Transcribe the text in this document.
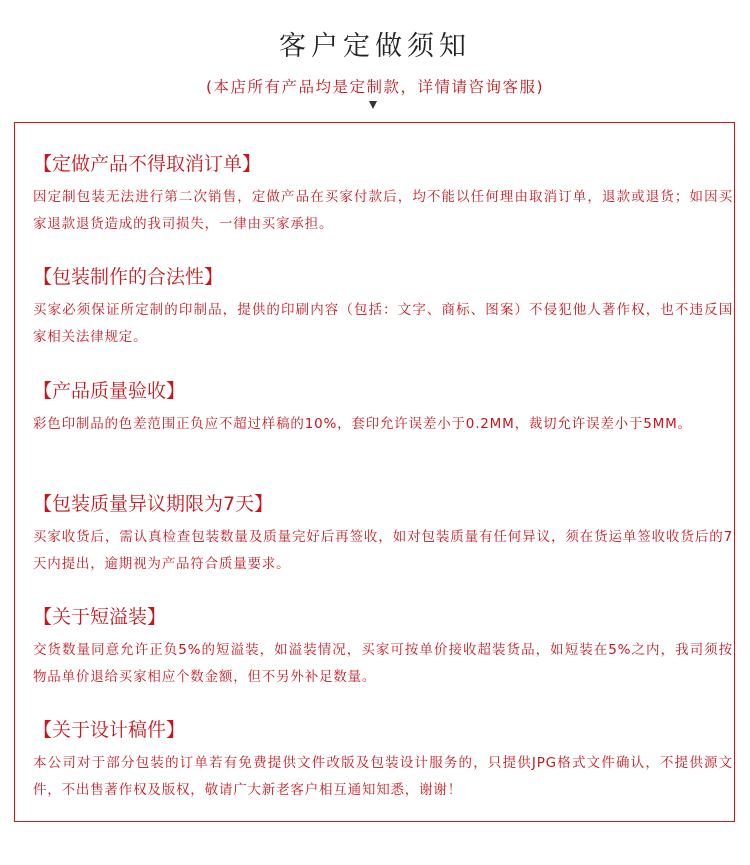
客户定做须知
(本店所有产品均是定制款，详情请咨询客服)
【定做产品不得取消订单】

因定制包装无法进行第二次销售，定做产品在买家付款后，均不能以任何理由取消订单，退款或退货；如因买家退款退货造成的我司损失，一律由买家承担。

【包装制作的合法性】

买家必须保证所定制的印制品，提供的印刷内容（包括：文字、商标、图案）不侵犯他人著作权，也不违反国家相关法律规定。

【产品质量验收】

彩色印制品的色差范围正负应不超过样稿的10%，套印允许误差小于0.2MM，裁切允许误差小于5MM。

【包装质量异议期限为7天】

买家收货后，需认真检查包装数量及质量完好后再签收，如对包装质量有任何异议，须在货运单签收收货后的7天内提出，逾期视为产品符合质量要求。

【关于短溢装】

交货数量同意允许正负5%的短溢装，如溢装情况，买家可按单价接收超装货品，如短装在5%之内，我司须按物品单价退给买家相应个数金额，但不另外补足数量。

【关于设计稿件】

本公司对于部分包装的订单若有免费提供文件改版及包装设计服务的，只提供JPG格式文件确认，不提供源文件，不出售著作权及版权，敬请广大新老客户相互通知知悉，谢谢！
